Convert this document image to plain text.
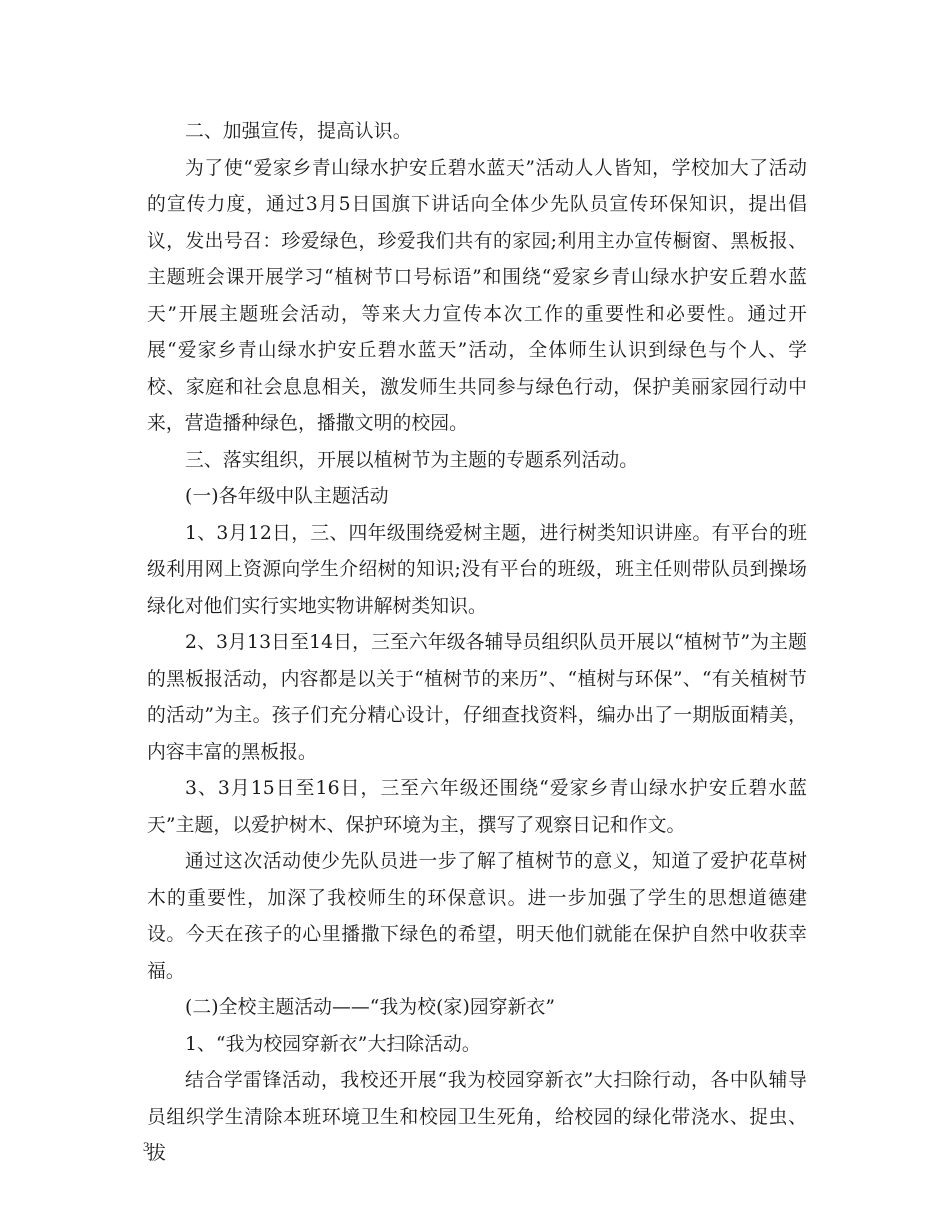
二、加强宣传，提高认识。

为了使“爱家乡青山绿水护安丘碧水蓝天”活动人人皆知，学校加大了活动的宣传力度，通过3月5日国旗下讲话向全体少先队员宣传环保知识，提出倡议，发出号召：珍爱绿色，珍爱我们共有的家园;利用主办宣传橱窗、黑板报、主题班会课开展学习“植树节口号标语”和围绕“爱家乡青山绿水护安丘碧水蓝天”开展主题班会活动，等来大力宣传本次工作的重要性和必要性。通过开展“爱家乡青山绿水护安丘碧水蓝天”活动，全体师生认识到绿色与个人、学校、家庭和社会息息相关，激发师生共同参与绿色行动，保护美丽家园行动中来，营造播种绿色，播撒文明的校园。

三、落实组织，开展以植树节为主题的专题系列活动。

(一)各年级中队主题活动

1、3月12日，三、四年级围绕爱树主题，进行树类知识讲座。有平台的班级利用网上资源向学生介绍树的知识;没有平台的班级，班主任则带队员到操场绿化对他们实行实地实物讲解树类知识。

2、3月13日至14日，三至六年级各辅导员组织队员开展以“植树节”为主题的黑板报活动，内容都是以关于“植树节的来历”、“植树与环保”、“有关植树节的活动”为主。孩子们充分精心设计，仔细查找资料，编办出了一期版面精美，内容丰富的黑板报。

3、3月15日至16日，三至六年级还围绕“爱家乡青山绿水护安丘碧水蓝天”主题，以爱护树木、保护环境为主，撰写了观察日记和作文。

通过这次活动使少先队员进一步了解了植树节的意义，知道了爱护花草树木的重要性，加深了我校师生的环保意识。进一步加强了学生的思想道德建设。今天在孩子的心里播撒下绿色的希望，明天他们就能在保护自然中收获幸福。

(二)全校主题活动——“我为校(家)园穿新衣”

1、“我为校园穿新衣”大扫除活动。

结合学雷锋活动，我校还开展“我为校园穿新衣”大扫除行动，各中队辅导员组织学生清除本班环境卫生和校园卫生死角，给校园的绿化带浇水、捉虫、拔

3
